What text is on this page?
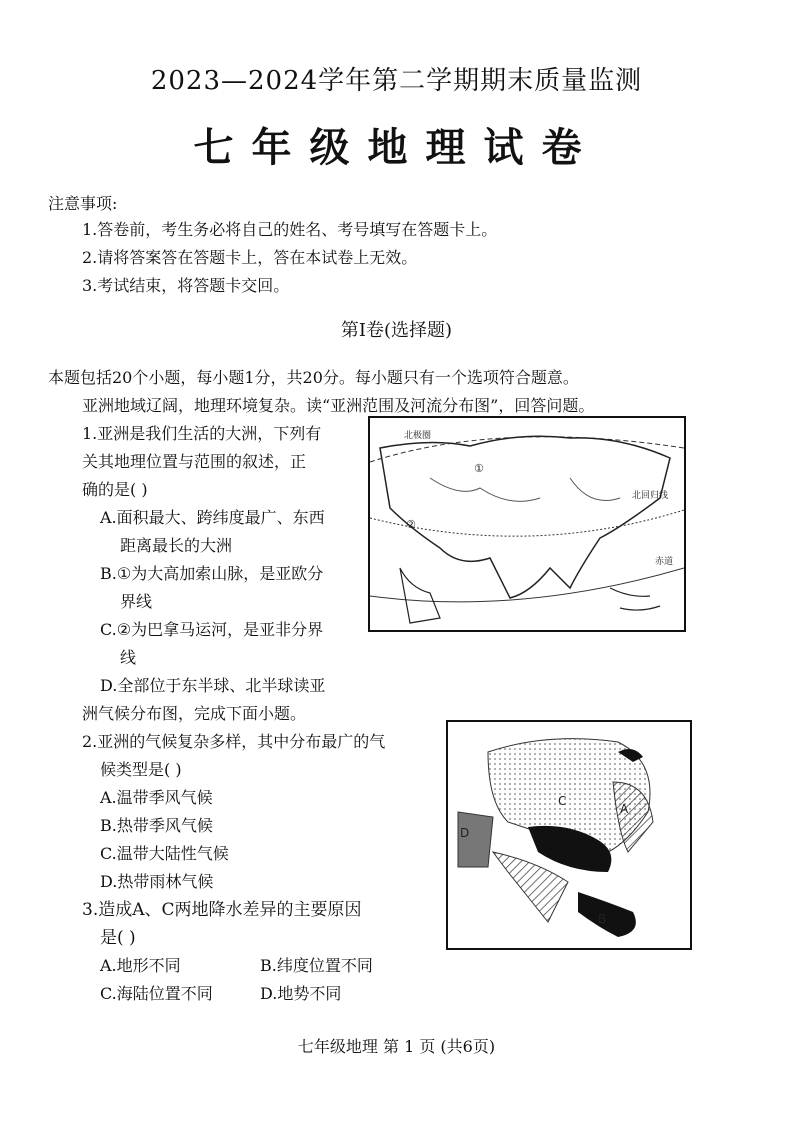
2023—2024学年第二学期期末质量监测
七年级地理试卷
注意事项:
1.答卷前，考生务必将自己的姓名、考号填写在答题卡上。
2.请将答案答在答题卡上，答在本试卷上无效。
3.考试结束，将答题卡交回。
第Ⅰ卷(选择题)
本题包括20个小题，每小题1分，共20分。每小题只有一个选项符合题意。
亚洲地域辽阔，地理环境复杂。读“亚洲范围及河流分布图”，回答问题。
1.亚洲是我们生活的大洲，下列有
关其地理位置与范围的叙述，正
确的是( )
A.面积最大、跨纬度最广、东西
距离最长的大洲
B.①为大高加索山脉，是亚欧分
界线
C.②为巴拿马运河，是亚非分界
线
D.全部位于东半球、北半球读亚
洲气候分布图，完成下面小题。
北极圈
北回归线
赤道
①
②
2.亚洲的气候复杂多样，其中分布最广的气
候类型是( )
A.温带季风气候
B.热带季风气候
C.温带大陆性气候
D.热带雨林气候
A
B
C
D
3.造成A、C两地降水差异的主要原因
是( )
A.地形不同	B.纬度位置不同
C.海陆位置不同	D.地势不同
七年级地理 第 1 页 (共6页)
